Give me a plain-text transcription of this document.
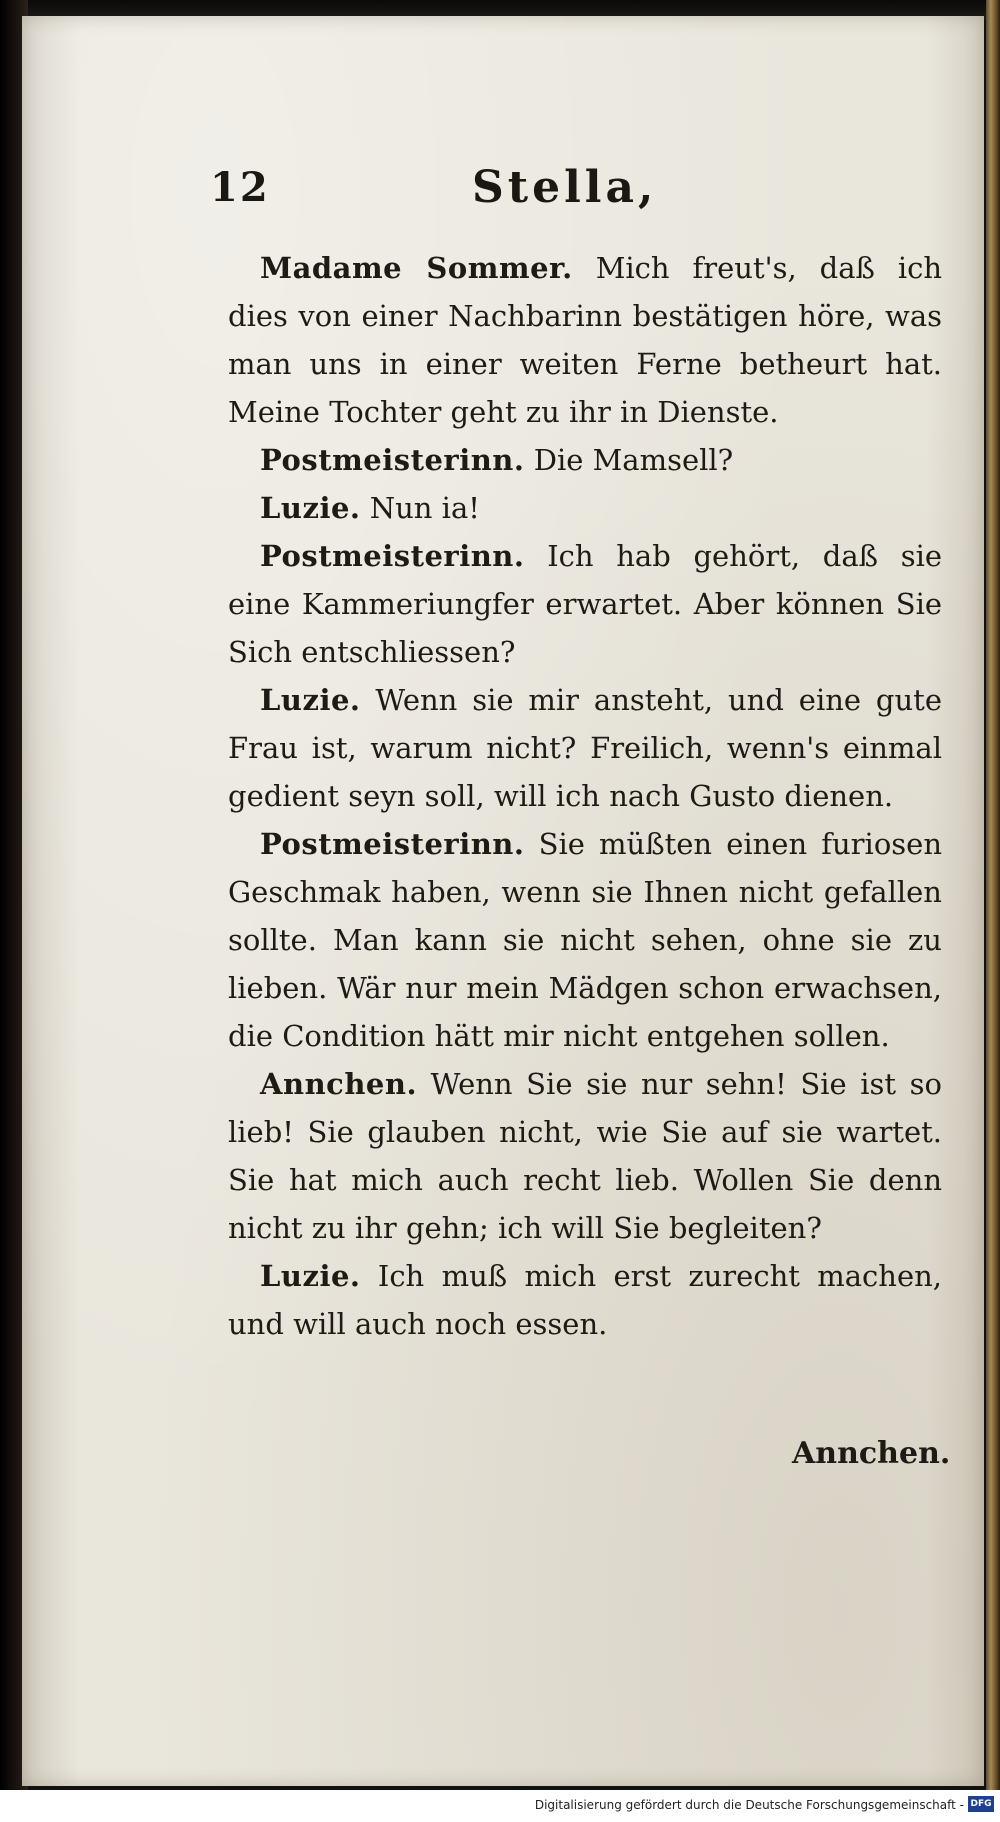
12	Stella,

Madame Sommer. Mich freut's, daß ich dies von einer Nachbarinn bestätigen höre, was man uns in einer weiten Ferne betheurt hat. Meine Tochter geht zu ihr in Dienste.

Postmeisterinn. Die Mamsell?

Luzie. Nun ia!

Postmeisterinn. Ich hab gehört, daß sie eine Kammeriungfer erwartet. Aber können Sie Sich entschliessen?

Luzie. Wenn sie mir ansteht, und eine gute Frau ist, warum nicht? Freilich, wenn's einmal gedient seyn soll, will ich nach Gusto dienen.

Postmeisterinn. Sie müßten einen furiosen Geschmak haben, wenn sie Ihnen nicht gefallen sollte. Man kann sie nicht sehen, ohne sie zu lieben. Wär nur mein Mädgen schon erwachsen, die Condition hätt mir nicht entgehen sollen.

Annchen. Wenn Sie sie nur sehn! Sie ist so lieb! Sie glauben nicht, wie Sie auf sie wartet. Sie hat mich auch recht lieb. Wollen Sie denn nicht zu ihr gehn; ich will Sie begleiten?

Luzie. Ich muß mich erst zurecht machen, und will auch noch essen.

Annchen.
Digitalisierung gefördert durch die Deutsche Forschungsgemeinschaft - DFG
